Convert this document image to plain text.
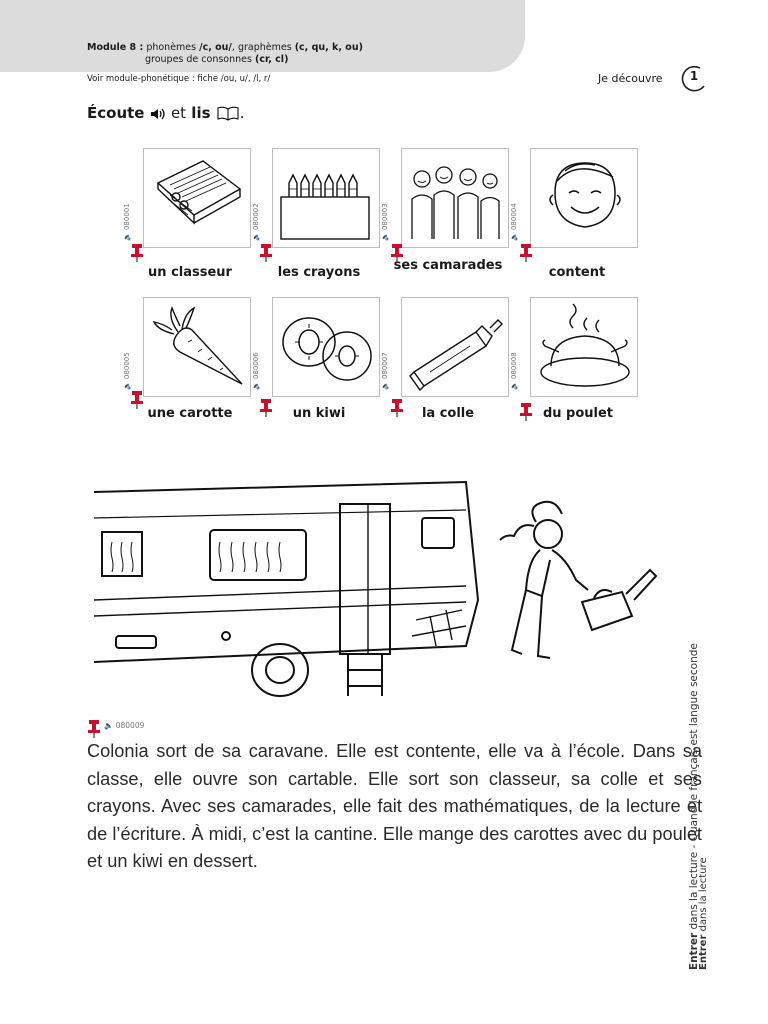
Module 8 : phonèmes /c, ou/, graphèmes (c, qu, k, ou)
groupes de consonnes (cr, cl)
Voir module-phonétique : fiche /ou, u/, /l, r/	Je découvre	1
Écoute et lis .
🔈 080001
🔈 080002
🔈 080003
🔈 080004
un classeur	les crayons	ses camarades	content
🔈 080005
🔈 080006
🔈 080007
🔈 080008
une carotte	un kiwi	la colle	du poulet
🔈 080009
Colonia sort de sa caravane. Elle est contente, elle va à l’école. Dans sa classe, elle ouvre son cartable. Elle sort son classeur, sa colle et ses crayons. Avec ses camarades, elle fait des mathématiques, de la lecture et de l’écriture. À midi, c’est la cantine. Elle mange des carottes avec du poulet et un kiwi en dessert.
Entrer dans la lecture - Quand le français est langue seconde
Entrer dans la lecture
